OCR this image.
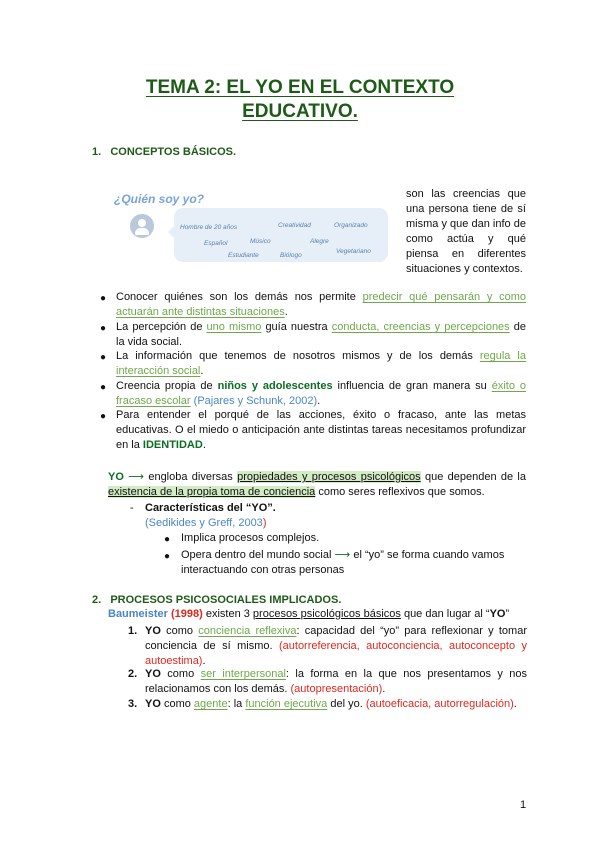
TEMA 2: EL YO EN EL CONTEXTO
EDUCATIVO.
1.   CONCEPTOS BÁSICOS.
¿Quién soy yo?
Hombre de 20 años	Creatividad	Organizado
Español	Músico	Alegre
Estudiante	Biólogo
Vegetariano
son las creencias que una persona tiene de sí misma y que dan info de como actúa y qué piensa en diferentes situaciones y contextos.
● Conocer quiénes son los demás nos permite predecir qué pensarán y como actuarán ante distintas situaciones.
● La percepción de uno mismo guía nuestra conducta, creencias y percepciones de la vida social.
● La información que tenemos de nosotros mismos y de los demás regula la interacción social.
● Creencia propia de niños y adolescentes influencia de gran manera su éxito o fracaso escolar (Pajares y Schunk, 2002).
● Para entender el porqué de las acciones, éxito o fracaso, ante las metas educativas. O el miedo o anticipación ante distintas tareas necesitamos profundizar en la IDENTIDAD.
YO ⟶ engloba diversas propiedades y procesos psicológicos que dependen de la existencia de la propia toma de conciencia como seres reflexivos que somos.
- Características del “YO”.
(Sedikides y Greff, 2003)
● Implica procesos complejos.
● Opera dentro del mundo social ⟶ el “yo” se forma cuando vamos interactuando con otras personas
2.   PROCESOS PSICOSOCIALES IMPLICADOS.
Baumeister (1998) existen 3 procesos psicológicos básicos que dan lugar al “YO”
1. YO como conciencia reflexiva: capacidad del “yo” para reflexionar y tomar conciencia de sí mismo. (autorreferencia, autoconciencia, autoconcepto y autoestima).
2. YO como ser interpersonal: la forma en la que nos presentamos y nos relacionamos con los demás. (autopresentación).
3. YO como agente: la función ejecutiva del yo. (autoeficacia, autorregulación).
1
